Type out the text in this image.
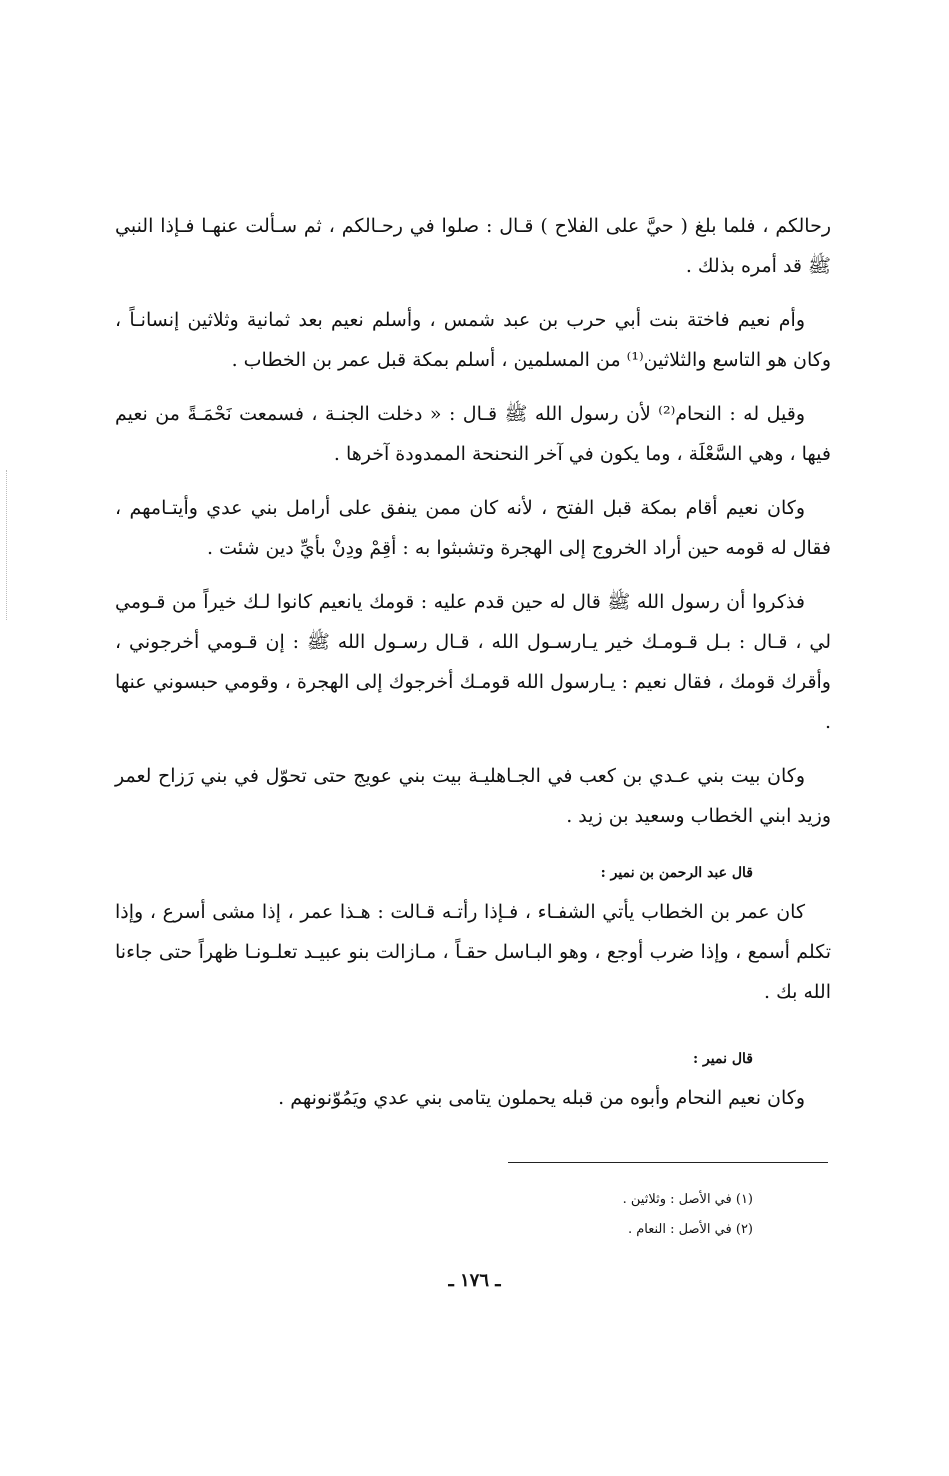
رحالكم ، فلما بلغ ( حيَّ على الفلاح ) قـال : صلوا في رحـالكم ، ثم سـألت عنهـا فـإذا النبي ﷺ قد أمره بذلك .

وأم نعيم فاختة بنت أبي حرب بن عبد شمس ، وأسلم نعيم بعد ثمانية وثلاثين إنسانـاً ، وكان هو التاسع والثلاثين⁽¹⁾ من المسلمين ، أسلم بمكة قبل عمر بن الخطاب .

وقيل له : النحام⁽²⁾ لأن رسول الله ﷺ قـال : « دخلت الجنـة ، فسمعت نَحْمَـةً من نعيم فيها ، وهي السَّعْلَة ، وما يكون في آخر النحنحة الممدودة آخرها .

وكان نعيم أقام بمكة قبل الفتح ، لأنه كان ممن ينفق على أرامل بني عدي وأيتـامهم ، فقال له قومه حين أراد الخروج إلى الهجرة وتشبثوا به : أقِمْ ودِنْ بأيِّ دين شئت .

فذكروا أن رسول الله ﷺ قال له حين قدم عليه : قومك يانعيم كانوا لـك خيراً من قـومي لي ، قـال : بـل قـومـك خير يـارسـول الله ، قـال رسـول الله ﷺ : إن قـومي أخرجوني ، وأقرك قومك ، فقال نعيم : يـارسول الله قومـك أخرجوك إلى الهجرة ، وقومي حبسوني عنها .

وكان بيت بني عـدي بن كعب في الجـاهليـة بيت بني عويج حتى تحوّل في بني رَزاح لعمر وزيد ابني الخطاب وسعيد بن زيد .

قال عبد الرحمن بن نمير :

كان عمر بن الخطاب يأتي الشفـاء ، فـإذا رأتـه قـالت : هـذا عمر ، إذا مشى أسرع ، وإذا تكلم أسمع ، وإذا ضرب أوجع ، وهو البـاسل حقـاً ، مـازالت بنو عبيـد تعلـونـا ظهراً حتى جاءنا الله بك .

قال نمير :

وكان نعيم النحام وأبوه من قبله يحملون يتامى بني عدي ويَمُوّنونهم .

(١) في الأصل : وثلاثين .
(٢) في الأصل : النعام .
ـ ١٧٦ ـ
